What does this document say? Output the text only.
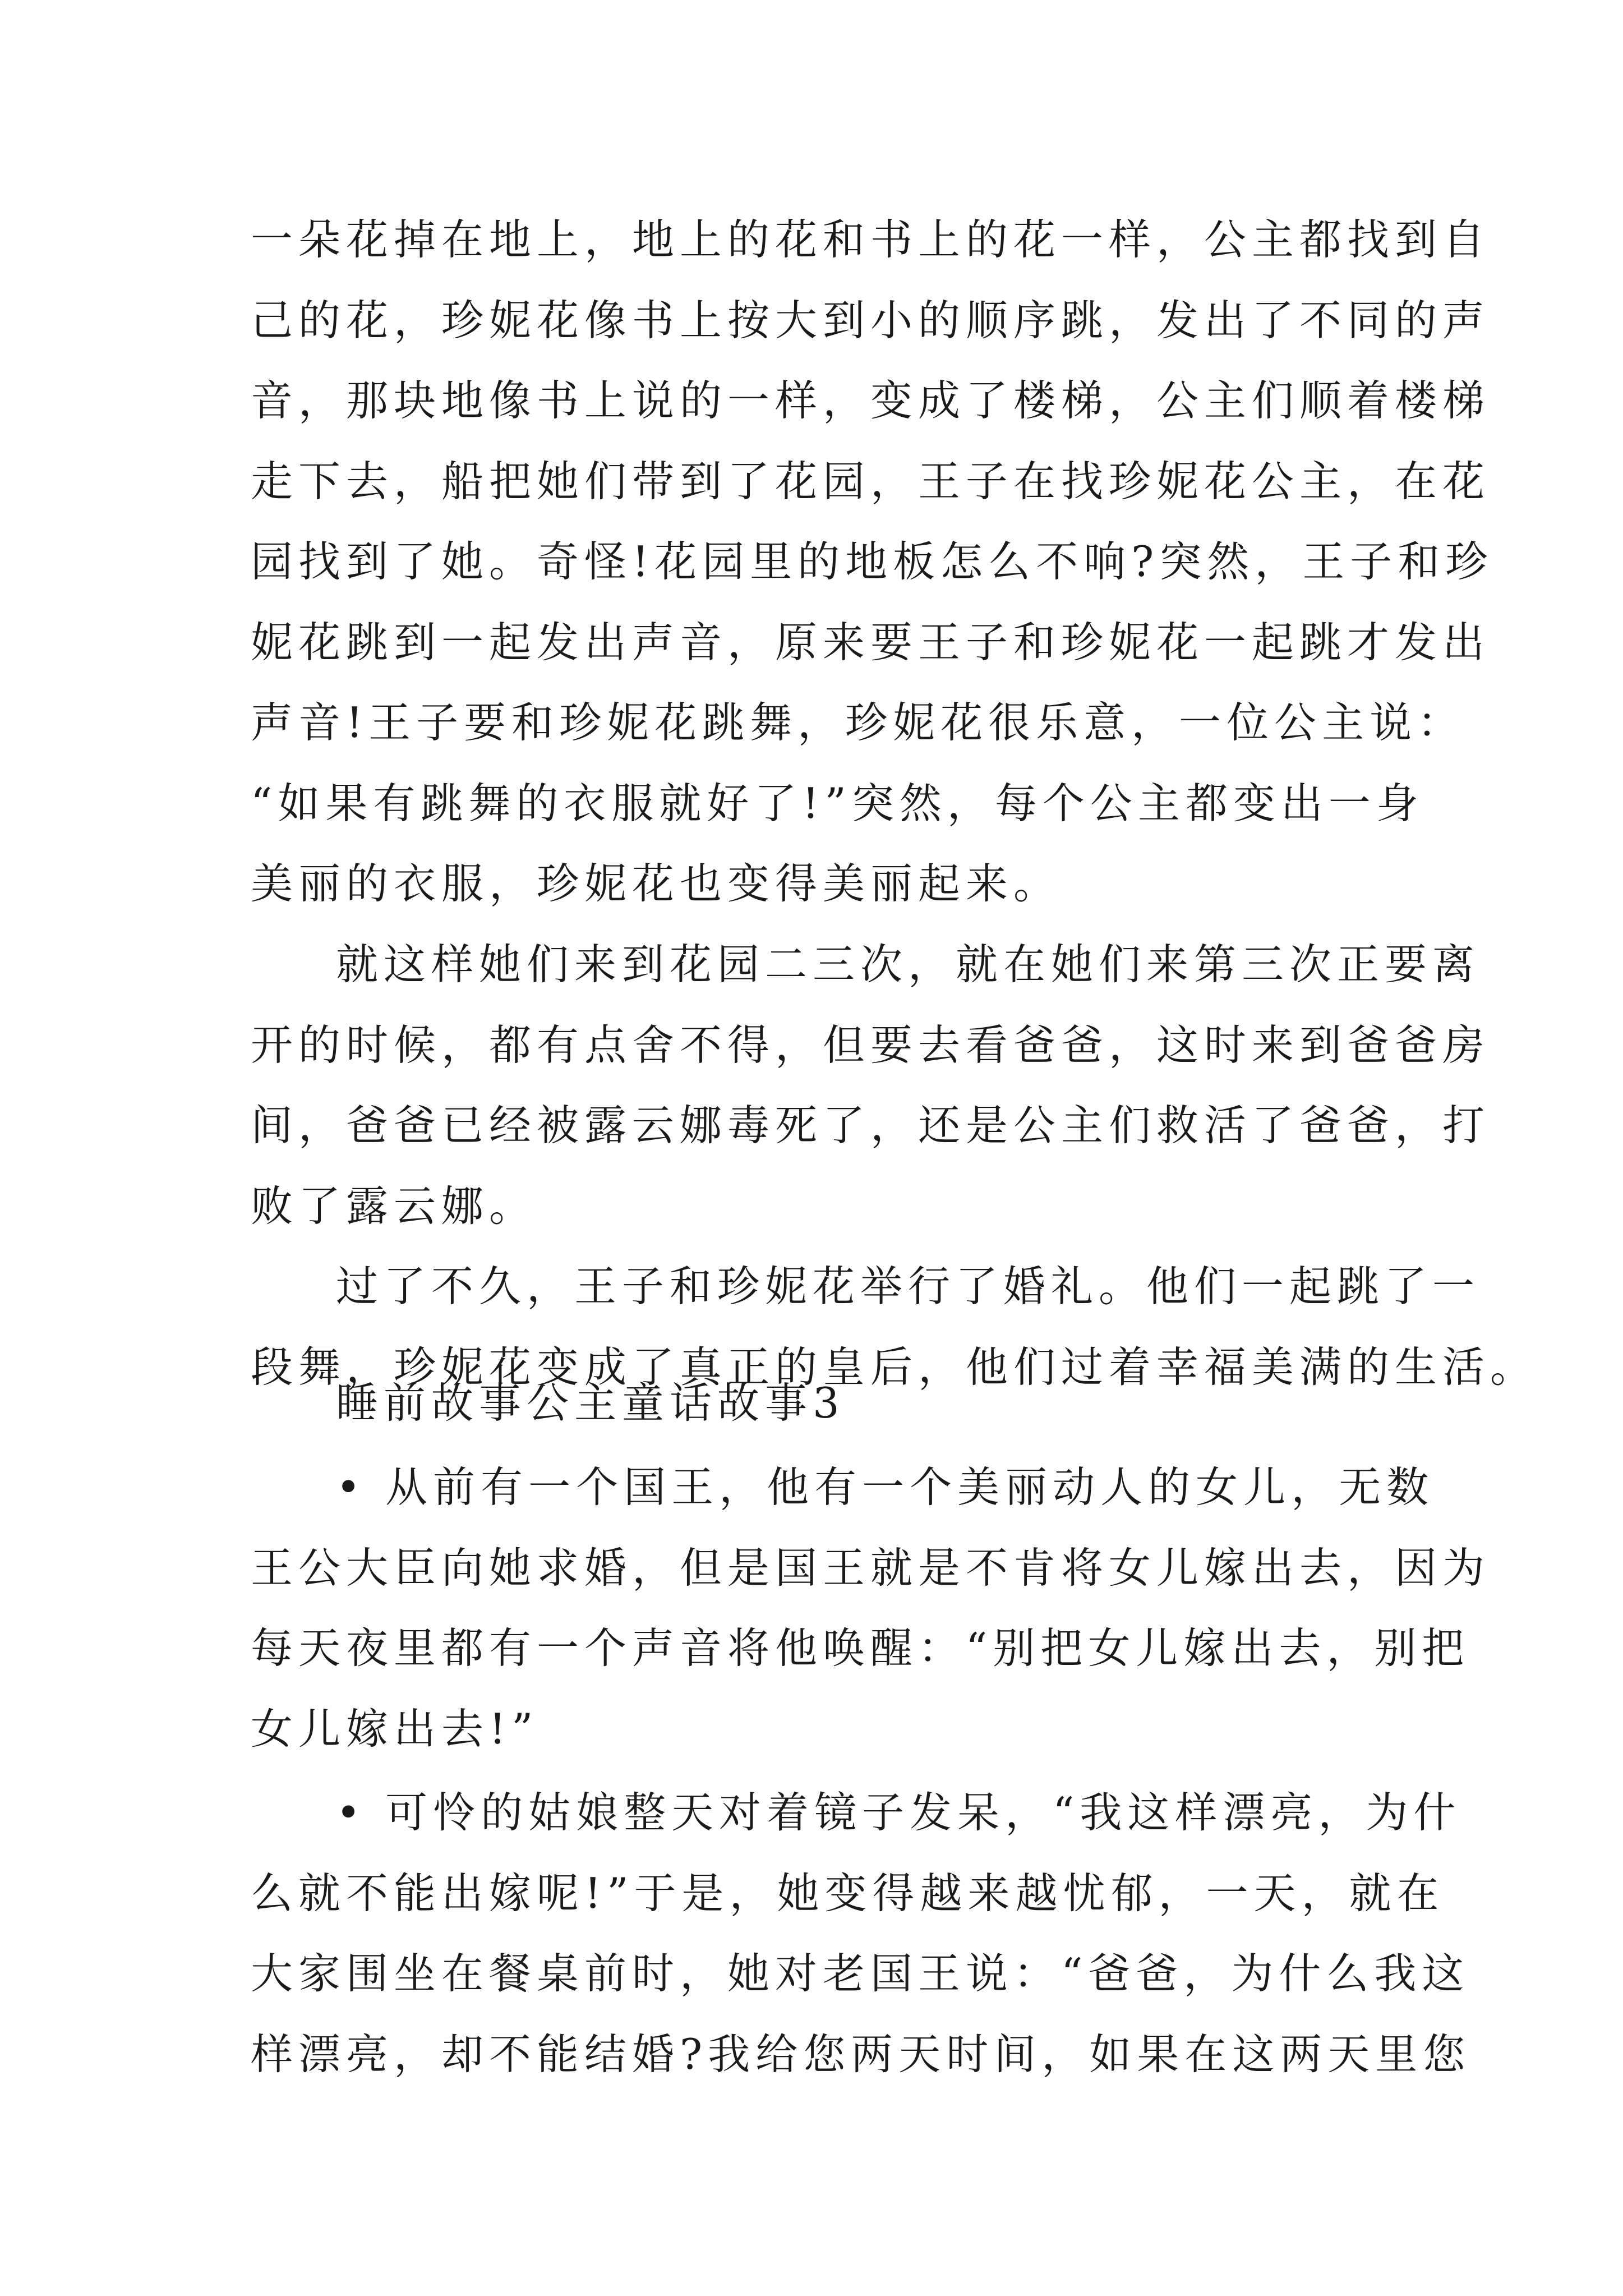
一朵花掉在地上，地上的花和书上的花一样，公主都找到自
己的花，珍妮花像书上按大到小的顺序跳，发出了不同的声
音，那块地像书上说的一样，变成了楼梯，公主们顺着楼梯
走下去，船把她们带到了花园，王子在找珍妮花公主，在花
园找到了她。奇怪!花园里的地板怎么不响?突然，王子和珍
妮花跳到一起发出声音，原来要王子和珍妮花一起跳才发出
声音!王子要和珍妮花跳舞，珍妮花很乐意，一位公主说：
“如果有跳舞的衣服就好了!”突然，每个公主都变出一身
美丽的衣服，珍妮花也变得美丽起来。
就这样她们来到花园二三次，就在她们来第三次正要离
开的时候，都有点舍不得，但要去看爸爸，这时来到爸爸房
间，爸爸已经被露云娜毒死了，还是公主们救活了爸爸，打
败了露云娜。
过了不久，王子和珍妮花举行了婚礼。他们一起跳了一
段舞，珍妮花变成了真正的皇后，他们过着幸福美满的生活。
睡前故事公主童话故事3
• 从前有一个国王，他有一个美丽动人的女儿，无数
王公大臣向她求婚，但是国王就是不肯将女儿嫁出去，因为
每天夜里都有一个声音将他唤醒：“别把女儿嫁出去，别把
女儿嫁出去!”
• 可怜的姑娘整天对着镜子发呆，“我这样漂亮，为什
么就不能出嫁呢!”于是，她变得越来越忧郁，一天，就在
大家围坐在餐桌前时，她对老国王说：“爸爸，为什么我这
样漂亮，却不能结婚?我给您两天时间，如果在这两天里您
